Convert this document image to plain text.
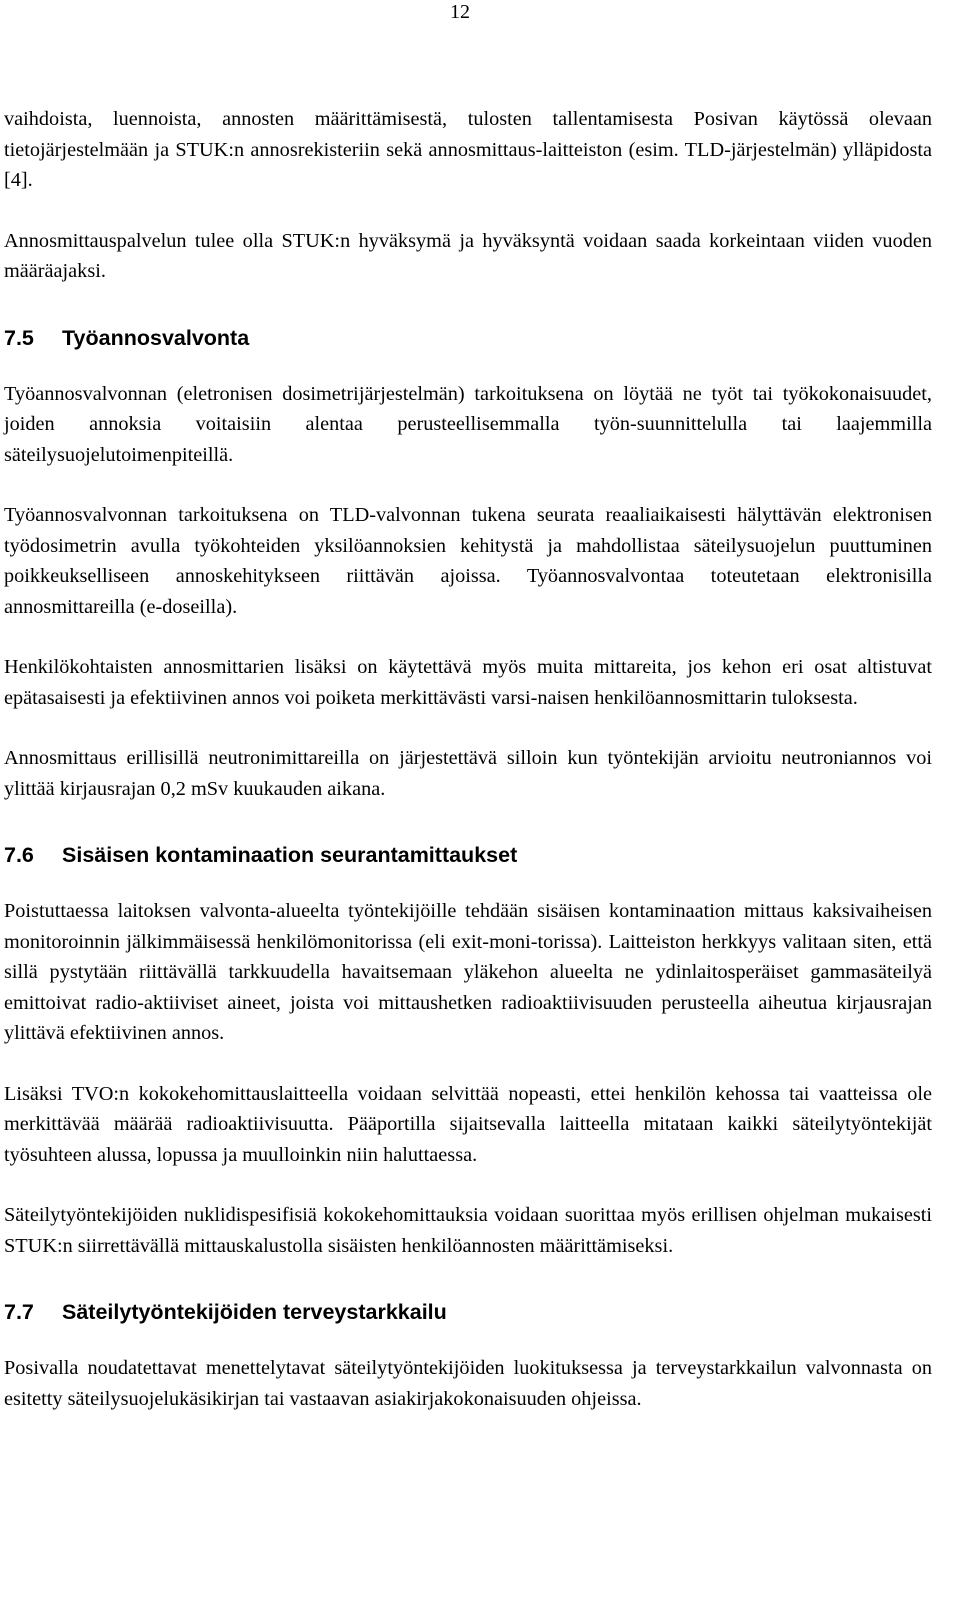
12

vaihdoista, luennoista, annosten määrittämisestä, tulosten tallentamisesta Posivan käytössä olevaan tietojärjestelmään ja STUK:n annosrekisteriin sekä annosmittaus-laitteiston (esim. TLD-järjestelmän) ylläpidosta [4].

Annosmittauspalvelun tulee olla STUK:n hyväksymä ja hyväksyntä voidaan saada korkeintaan viiden vuoden määräajaksi.

7.5	Työannosvalvonta

Työannosvalvonnan (eletronisen dosimetrijärjestelmän) tarkoituksena on löytää ne työt tai työkokonaisuudet, joiden annoksia voitaisiin alentaa perusteellisemmalla työn-suunnittelulla tai laajemmilla säteilysuojelutoimenpiteillä.

Työannosvalvonnan tarkoituksena on TLD-valvonnan tukena seurata reaaliaikaisesti hälyttävän elektronisen työdosimetrin avulla työkohteiden yksilöannoksien kehitystä ja mahdollistaa säteilysuojelun puuttuminen poikkeukselliseen annoskehitykseen riittävän ajoissa. Työannosvalvontaa toteutetaan elektronisilla annosmittareilla (e-doseilla).

Henkilökohtaisten annosmittarien lisäksi on käytettävä myös muita mittareita, jos kehon eri osat altistuvat epätasaisesti ja efektiivinen annos voi poiketa merkittävästi varsi-naisen henkilöannosmittarin tuloksesta.

Annosmittaus erillisillä neutronimittareilla on järjestettävä silloin kun työntekijän arvioitu neutroniannos voi ylittää kirjausrajan 0,2 mSv kuukauden aikana.

7.6	Sisäisen kontaminaation seurantamittaukset

Poistuttaessa laitoksen valvonta-alueelta työntekijöille tehdään sisäisen kontaminaation mittaus kaksivaiheisen monitoroinnin jälkimmäisessä henkilömonitorissa (eli exit-moni-torissa). Laitteiston herkkyys valitaan siten, että sillä pystytään riittävällä tarkkuudella havaitsemaan yläkehon alueelta ne ydinlaitosperäiset gammasäteilyä emittoivat radio-aktiiviset aineet, joista voi mittaushetken radioaktiivisuuden perusteella aiheutua kirjausrajan ylittävä efektiivinen annos.

Lisäksi TVO:n kokokehomittauslaitteella voidaan selvittää nopeasti, ettei henkilön kehossa tai vaatteissa ole merkittävää määrää radioaktiivisuutta. Pääportilla sijaitsevalla laitteella mitataan kaikki säteilytyöntekijät työsuhteen alussa, lopussa ja muulloinkin niin haluttaessa.

Säteilytyöntekijöiden nuklidispesifisiä kokokehomittauksia voidaan suorittaa myös erillisen ohjelman mukaisesti STUK:n siirrettävällä mittauskalustolla sisäisten henkilöannosten määrittämiseksi.

7.7	Säteilytyöntekijöiden terveystarkkailu

Posivalla noudatettavat menettelytavat säteilytyöntekijöiden luokituksessa ja terveystarkkailun valvonnasta on esitetty säteilysuojelukäsikirjan tai vastaavan asiakirjakokonaisuuden ohjeissa.
